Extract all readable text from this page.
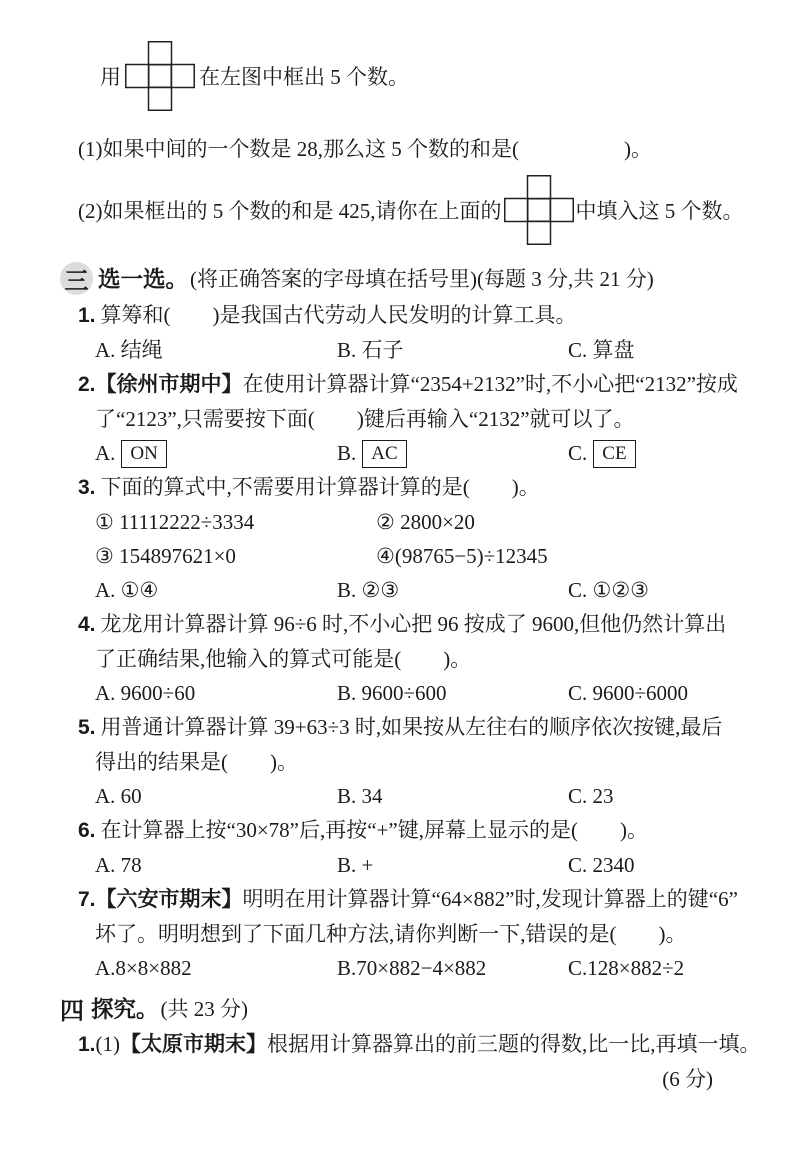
用	在左图中框出 5 个数。
(1)如果中间的一个数是 28,那么这 5 个数的和是(　　　　　)。
(2)如果框出的 5 个数的和是 425,请你在上面的	中填入这 5 个数。
三 选一选。 (将正确答案的字母填在括号里)(每题 3 分,共 21 分)
1. 算筹和(　　)是我国古代劳动人民发明的计算工具。
A. 结绳	B. 石子	C. 算盘
2.【徐州市期中】在使用计算器计算“2354+2132”时,不小心把“2132”按成
了“2123”,只需要按下面(　　)键后再输入“2132”就可以了。
A. ON	B. AC	C. CE
3. 下面的算式中,不需要用计算器计算的是(　　)。
① 11112222÷3334	② 2800×20
③ 154897621×0	④(98765−5)÷12345
A. ①④	B. ②③	C. ①②③
4. 龙龙用计算器计算 96÷6 时,不小心把 96 按成了 9600,但他仍然计算出
了正确结果,他输入的算式可能是(　　)。
A. 9600÷60	B. 9600÷600	C. 9600÷6000
5. 用普通计算器计算 39+63÷3 时,如果按从左往右的顺序依次按键,最后
得出的结果是(　　)。
A. 60	B. 34	C. 23
6. 在计算器上按“30×78”后,再按“+”键,屏幕上显示的是(　　)。
A. 78	B. +	C. 2340
7.【六安市期末】明明在用计算器计算“64×882”时,发现计算器上的键“6”
坏了。明明想到了下面几种方法,请你判断一下,错误的是(　　)。
A.8×8×882	B.70×882−4×882	C.128×882÷2
四 探究。 (共 23 分)
1.(1)【太原市期末】根据用计算器算出的前三题的得数,比一比,再填一填。
(6 分)
